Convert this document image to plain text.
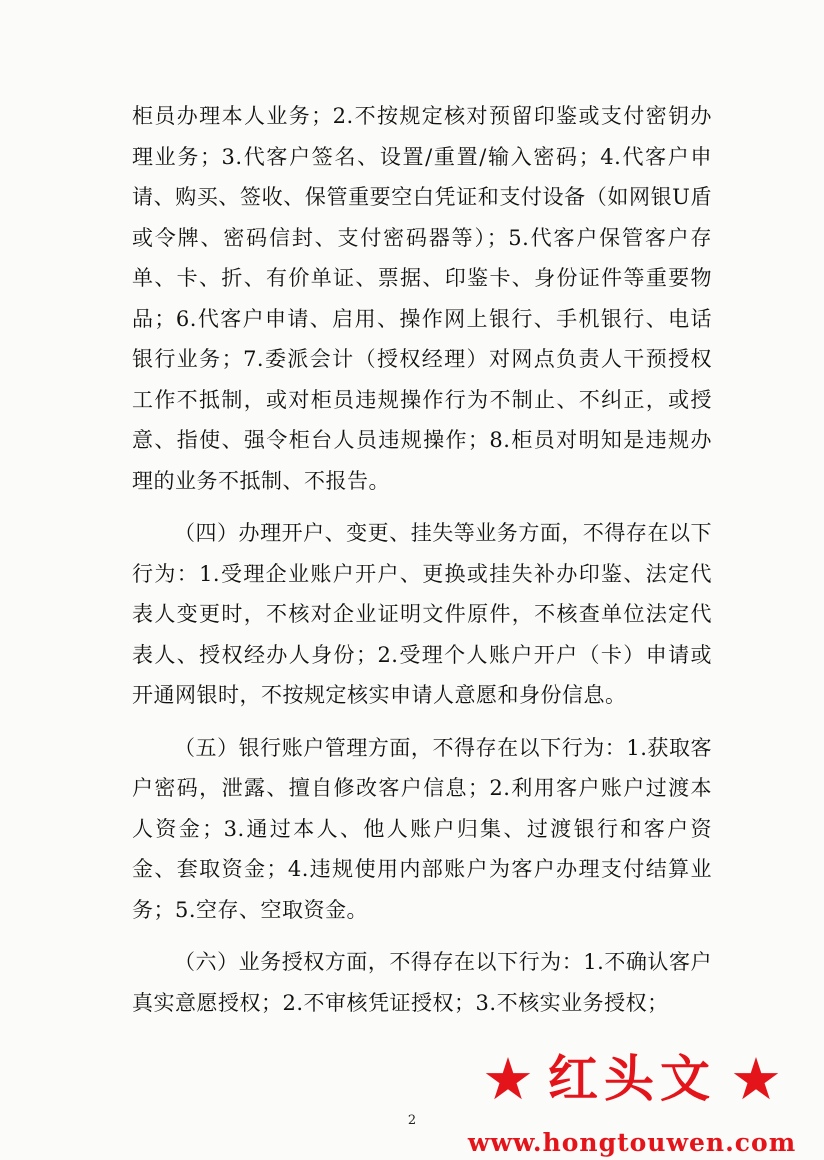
柜员办理本人业务；2.不按规定核对预留印鉴或支付密钥办理业务；3.代客户签名、设置/重置/输入密码；4.代客户申请、购买、签收、保管重要空白凭证和支付设备（如网银U盾或令牌、密码信封、支付密码器等）；5.代客户保管客户存单、卡、折、有价单证、票据、印鉴卡、身份证件等重要物品；6.代客户申请、启用、操作网上银行、手机银行、电话银行业务；7.委派会计（授权经理）对网点负责人干预授权工作不抵制，或对柜员违规操作行为不制止、不纠正，或授意、指使、强令柜台人员违规操作；8.柜员对明知是违规办理的业务不抵制、不报告。

（四）办理开户、变更、挂失等业务方面，不得存在以下行为：1.受理企业账户开户、更换或挂失补办印鉴、法定代表人变更时，不核对企业证明文件原件，不核查单位法定代表人、授权经办人身份；2.受理个人账户开户（卡）申请或开通网银时，不按规定核实申请人意愿和身份信息。

（五）银行账户管理方面，不得存在以下行为：1.获取客户密码，泄露、擅自修改客户信息；2.利用客户账户过渡本人资金；3.通过本人、他人账户归集、过渡银行和客户资金、套取资金；4.违规使用内部账户为客户办理支付结算业务；5.空存、空取资金。

（六）业务授权方面，不得存在以下行为：1.不确认客户真实意愿授权；2.不审核凭证授权；3.不核实业务授权；

2
★ 红头文 ★
www.hongtouwen.com
